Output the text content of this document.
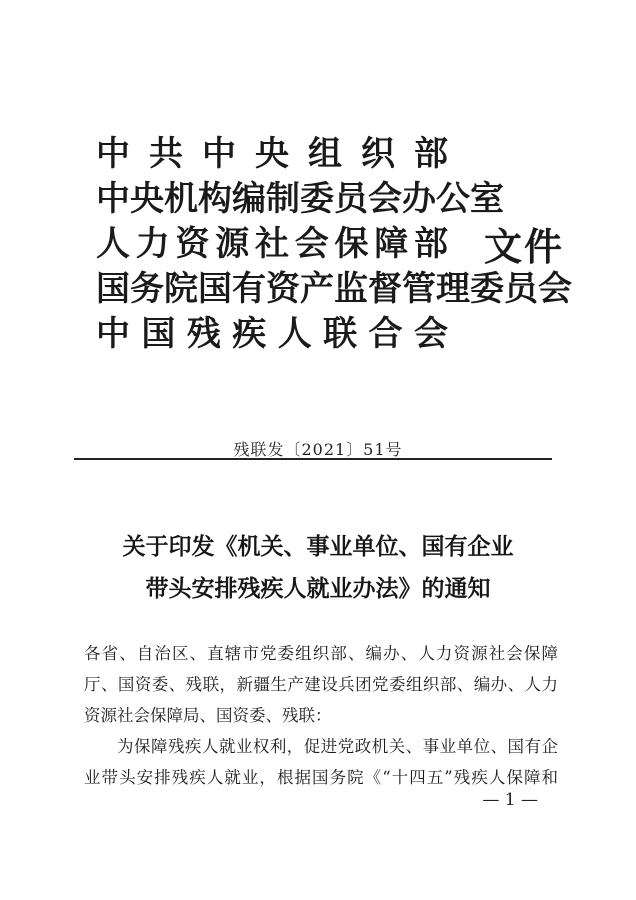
中 共 中 央 组 织 部
中 央 机 构 编 制 委 员 会 办 公 室
人 力 资 源 社 会 保 障 部
国 务 院 国 有 资 产 监 督 管 理 委 员 会
中 国 残 疾 人 联 合 会
文件
残联发〔2021〕51号
关于印发《机关、事业单位、国有企业
带头安排残疾人就业办法》的通知

各省、自治区、直辖市党委组织部、编办、人力资源社会保障

厅、国资委、残联，新疆生产建设兵团党委组织部、编办、人力

资源社会保障局、国资委、残联：

为保障残疾人就业权利，促进党政机关、事业单位、国有企

业带头安排残疾人就业，根据国务院《“十四五”残疾人保障和

— 1 —
